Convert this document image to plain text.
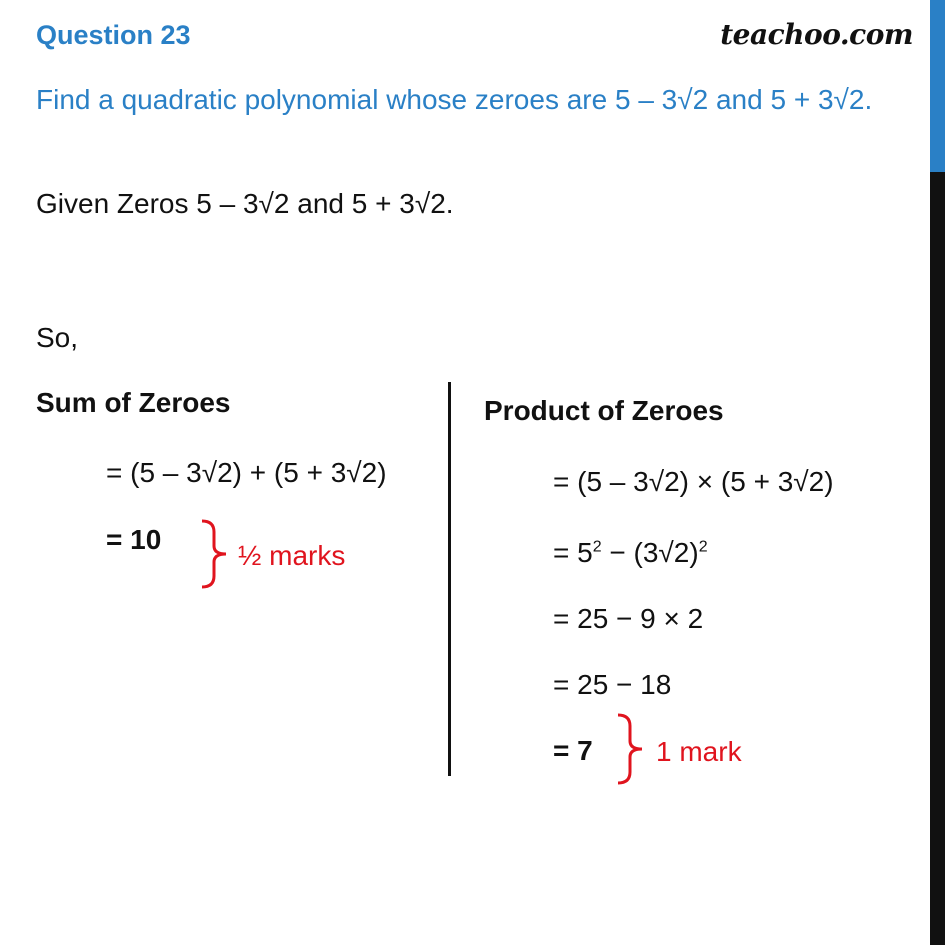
Question 23	teachoo.com
Find a quadratic polynomial whose zeroes are 5 – 3√2 and 5 + 3√2.
Given Zeros 5 – 3√2 and 5 + 3√2.
So,
Sum of Zeroes
= (5 – 3√2) + (5 + 3√2)
= 10
½ marks
Product of Zeroes
= (5 – 3√2) × (5 + 3√2)
= $5^2 - (3√2)^2$
= 25 − 9 × 2
= 25 − 18
= 7 1 mark
